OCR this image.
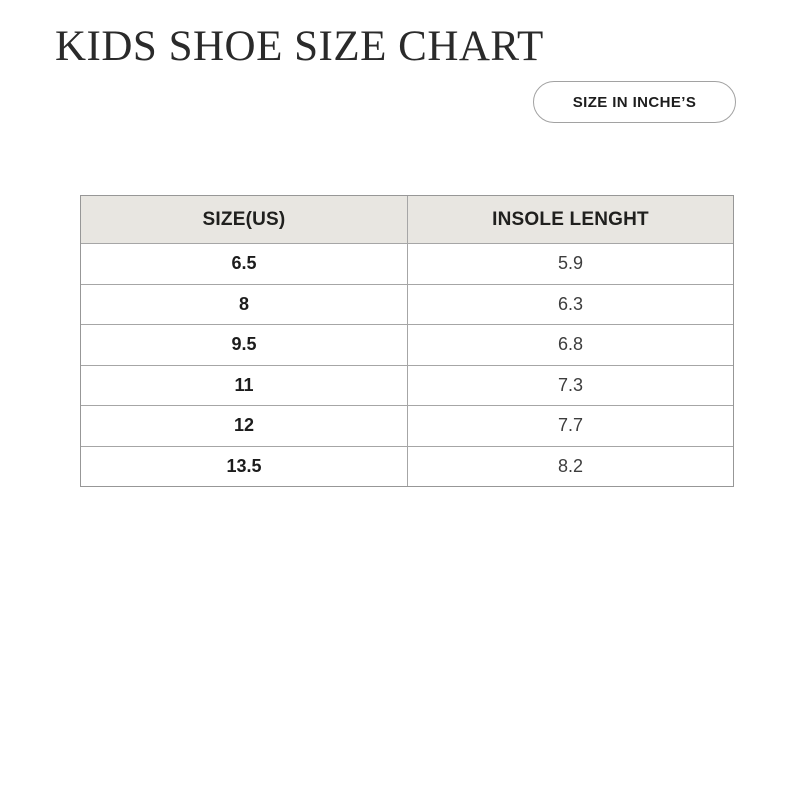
KIDS SHOE SIZE CHART
SIZE IN INCHE’S
SIZE(US)	INSOLE LENGHT
6.5	5.9
8	6.3
9.5	6.8
11	7.3
12	7.7
13.5	8.2
